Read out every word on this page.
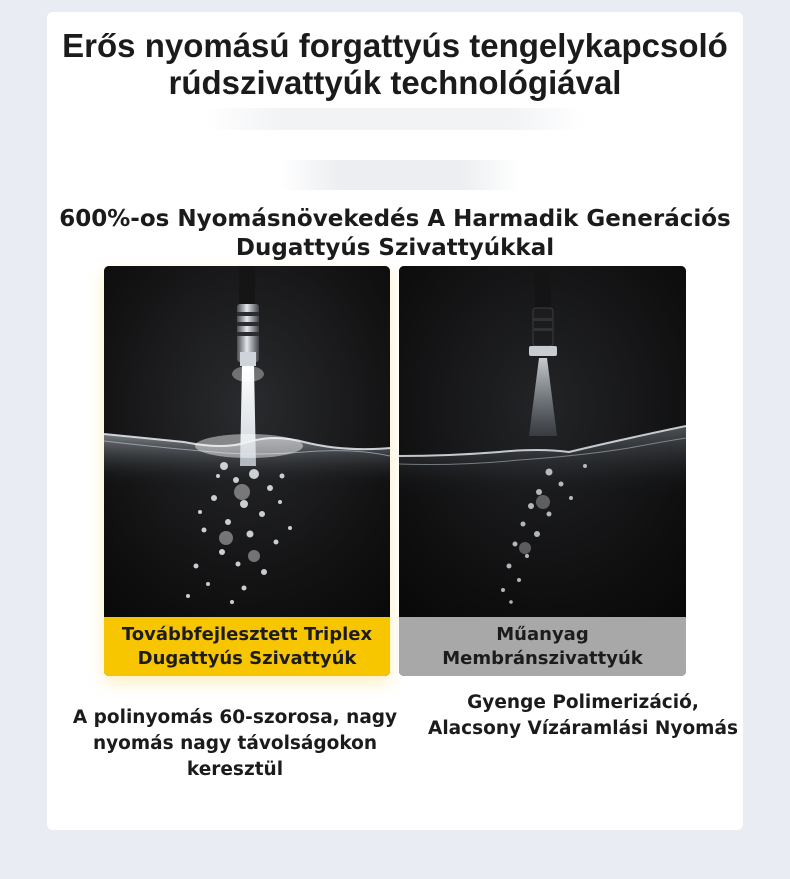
Erős nyomású forgattyús tengelykapcsoló
rúdszivattyúk technológiával
600%-os Nyomásnövekedés A Harmadik Generációs
Dugattyús Szivattyúkkal
Továbbfejlesztett Triplex
Dugattyús Szivattyúk
Műanyag
Membránszivattyúk

A polinyomás 60-szorosa, nagy
nyomás nagy távolságokon
keresztül

Gyenge Polimerizáció,
Alacsony Vízáramlási Nyomás
